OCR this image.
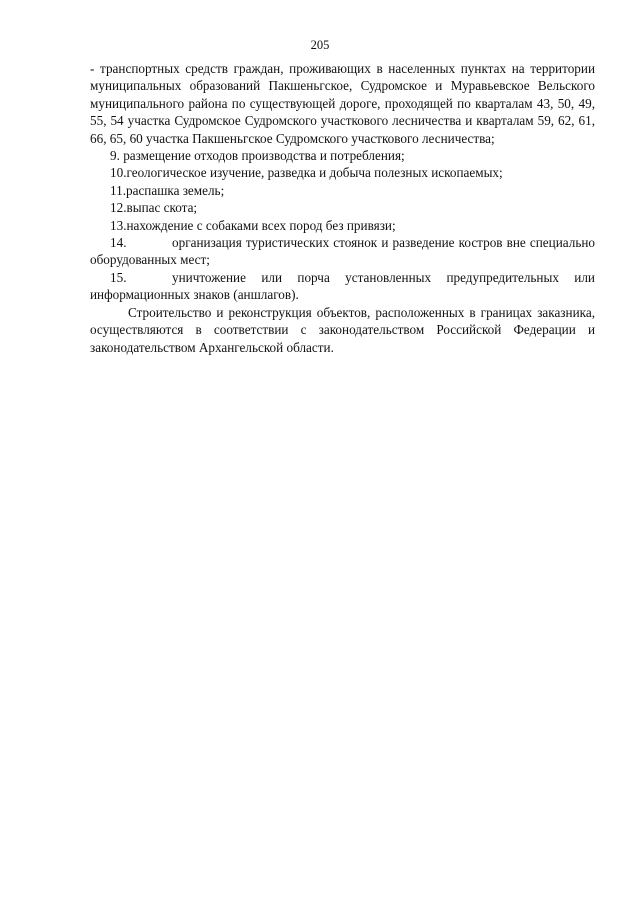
205

- транспортных средств граждан, проживающих в населенных пунктах на территории муниципальных образований Пакшеньгское, Судромское и Муравьевское Вельского муниципального района по существующей дороге, проходящей по кварталам 43, 50, 49, 55, 54 участка Судромское Судромского участкового лесничества и кварталам 59, 62, 61, 66, 65, 60 участка Пакшеньгское Судромского участкового лесничества;

9. размещение отходов производства и потребления;

10.геологическое изучение, разведка и добыча полезных ископаемых;

11.распашка земель;

12.выпас скота;

13.нахождение с собаками всех пород без привязи;

14.	организация туристических стоянок и разведение костров вне специально оборудованных мест;

15.	уничтожение или порча установленных предупредительных или информационных знаков (аншлагов).

Строительство и реконструкция объектов, расположенных в границах заказника, осуществляются в соответствии с законодательством Российской Федерации и законодательством Архангельской области.
